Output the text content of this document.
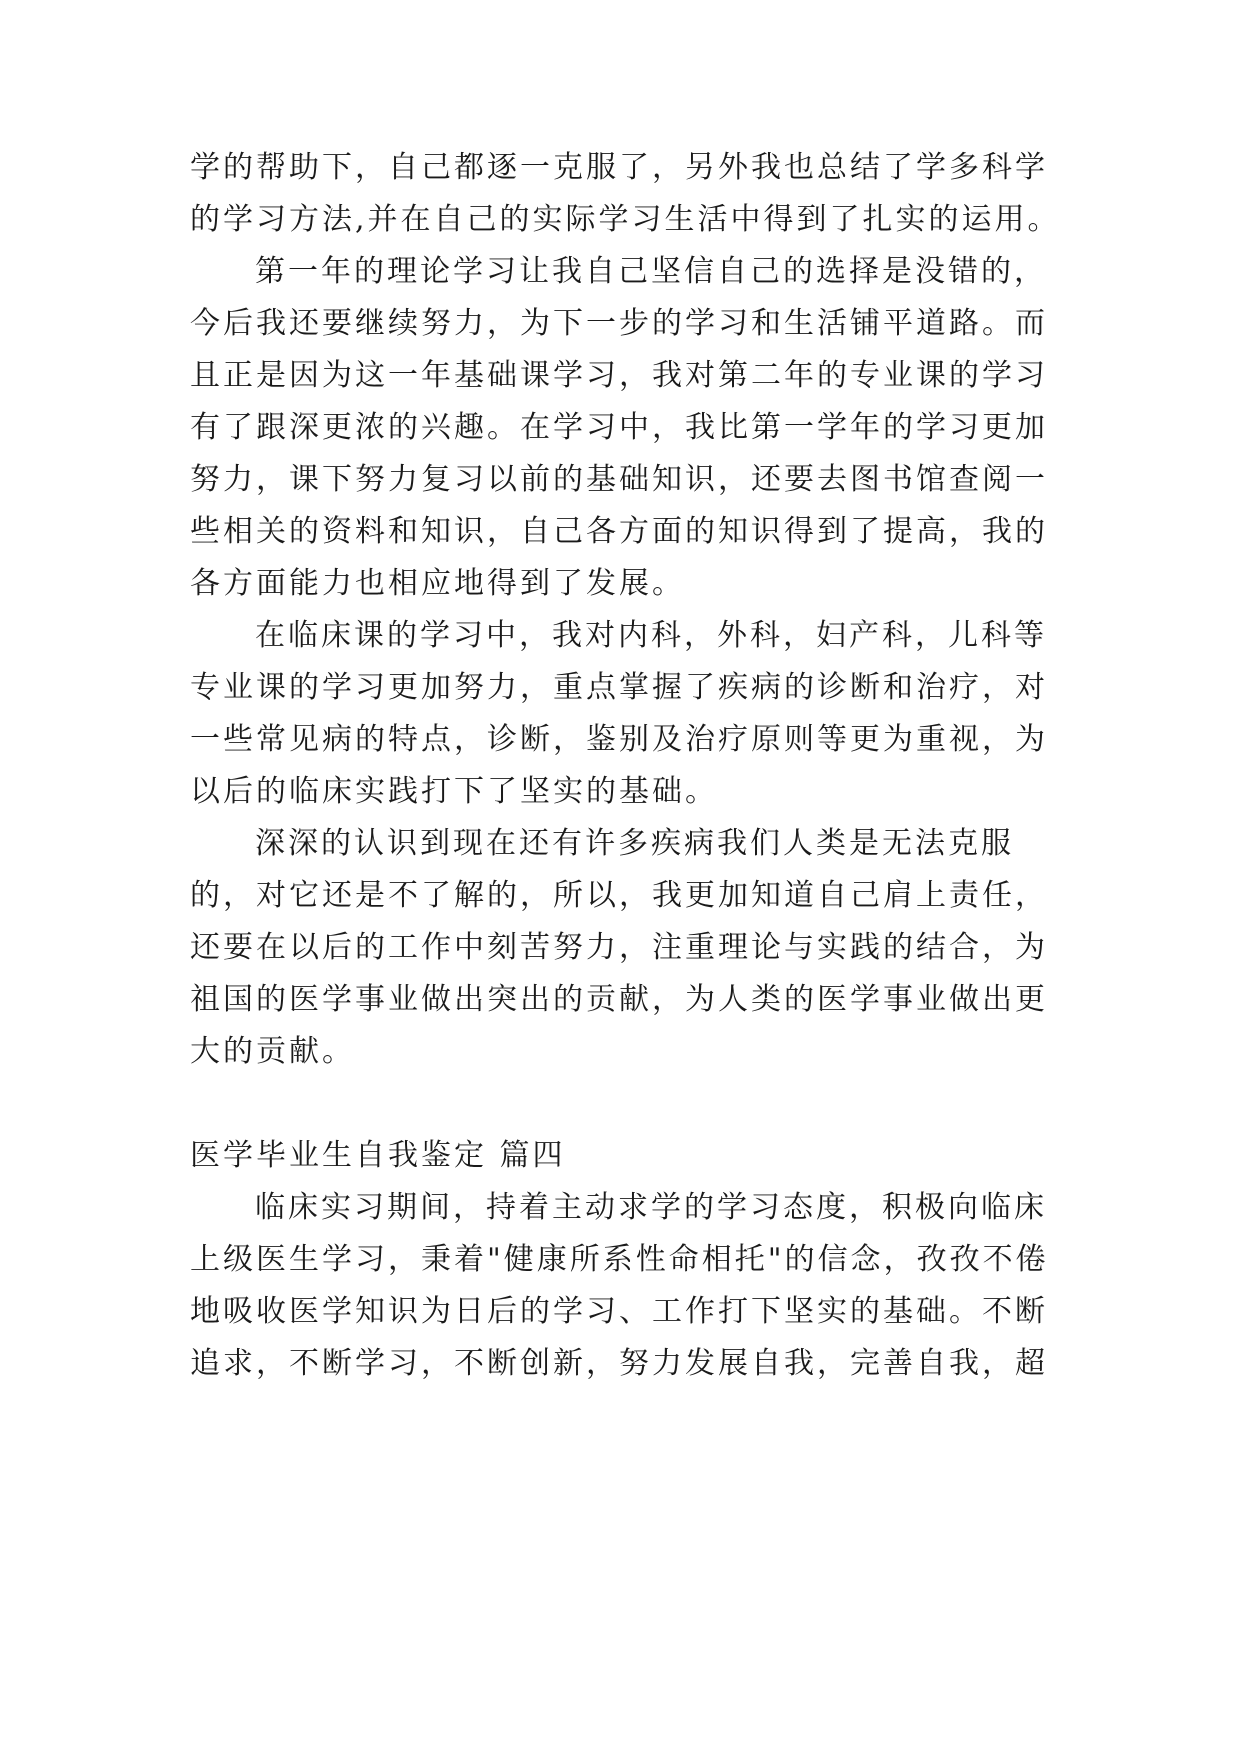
学的帮助下，自己都逐一克服了，另外我也总结了学多科学
的学习方法,并在自己的实际学习生活中得到了扎实的运用。
第一年的理论学习让我自己坚信自己的选择是没错的，
今后我还要继续努力，为下一步的学习和生活铺平道路。而
且正是因为这一年基础课学习，我对第二年的专业课的学习
有了跟深更浓的兴趣。在学习中，我比第一学年的学习更加
努力，课下努力复习以前的基础知识，还要去图书馆查阅一
些相关的资料和知识，自己各方面的知识得到了提高，我的
各方面能力也相应地得到了发展。
在临床课的学习中，我对内科，外科，妇产科，儿科等
专业课的学习更加努力，重点掌握了疾病的诊断和治疗，对
一些常见病的特点，诊断，鉴别及治疗原则等更为重视，为
以后的临床实践打下了坚实的基础。
深深的认识到现在还有许多疾病我们人类是无法克服
的，对它还是不了解的，所以，我更加知道自己肩上责任，
还要在以后的工作中刻苦努力，注重理论与实践的结合，为
祖国的医学事业做出突出的贡献，为人类的医学事业做出更
大的贡献。
医学毕业生自我鉴定 篇四
临床实习期间，持着主动求学的学习态度，积极向临床
上级医生学习，秉着"健康所系性命相托"的信念，孜孜不倦
地吸收医学知识为日后的学习、工作打下坚实的基础。不断
追求，不断学习，不断创新，努力发展自我，完善自我，超
